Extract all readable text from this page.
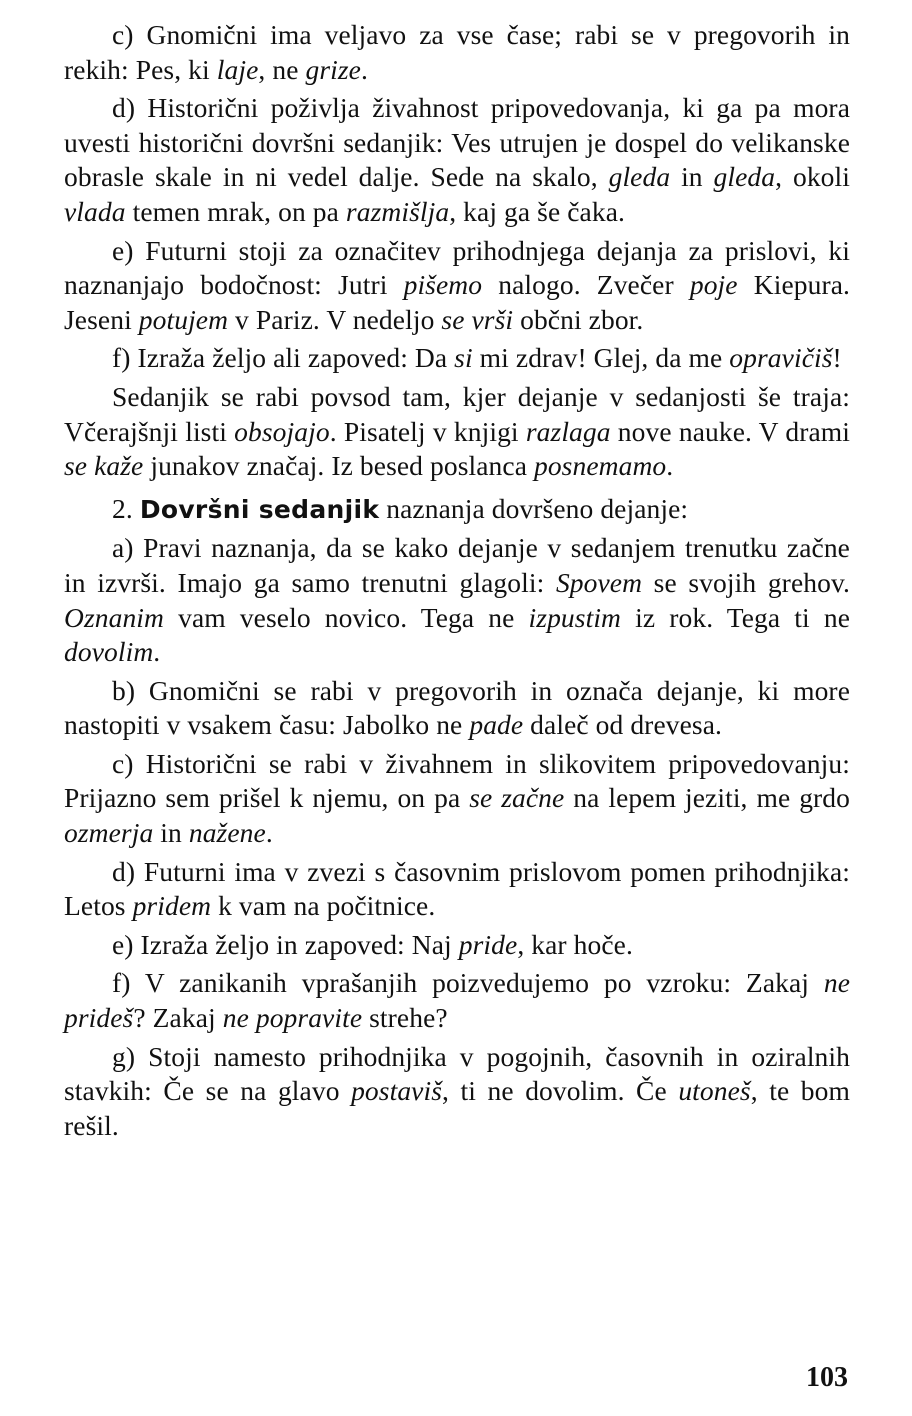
c) Gnomični ima veljavo za vse čase; rabi se v pregovorih in rekih: Pes, ki laje, ne grize.

d) Historični poživlja živahnost pripovedovanja, ki ga pa mora uvesti historični dovršni sedanjik: Ves utrujen je dospel do velikanske obrasle skale in ni vedel dalje. Sede na skalo, gleda in gleda, okoli vlada temen mrak, on pa razmišlja, kaj ga še čaka.

e) Futurni stoji za označitev prihodnjega dejanja za prislovi, ki naznanjajo bodočnost: Jutri pišemo nalogo. Zvečer poje Kiepura. Jeseni potujem v Pariz. V nedeljo se vrši občni zbor.

f) Izraža željo ali zapoved: Da si mi zdrav! Glej, da me opravičiš!

Sedanjik se rabi povsod tam, kjer dejanje v sedanjosti še traja: Včerajšnji listi obsojajo. Pisatelj v knjigi razlaga nove nauke. V drami se kaže junakov značaj. Iz besed poslanca posnemamo.

2. Dovršni sedanjik naznanja dovršeno dejanje:

a) Pravi naznanja, da se kako dejanje v sedanjem trenutku začne in izvrši. Imajo ga samo trenutni glagoli: Spovem se svojih grehov. Oznanim vam veselo novico. Tega ne izpustim iz rok. Tega ti ne dovolim.

b) Gnomični se rabi v pregovorih in označa dejanje, ki more nastopiti v vsakem času: Jabolko ne pade daleč od drevesa.

c) Historični se rabi v živahnem in slikovitem pripovedovanju: Prijazno sem prišel k njemu, on pa se začne na lepem jeziti, me grdo ozmerja in nažene.

d) Futurni ima v zvezi s časovnim prislovom pomen prihodnjika: Letos pridem k vam na počitnice.

e) Izraža željo in zapoved: Naj pride, kar hoče.

f) V zanikanih vprašanjih poizvedujemo po vzroku: Zakaj ne prideš? Zakaj ne popravite strehe?

g) Stoji namesto prihodnjika v pogojnih, časovnih in oziralnih stavkih: Če se na glavo postaviš, ti ne dovolim. Če utoneš, te bom rešil.

103
